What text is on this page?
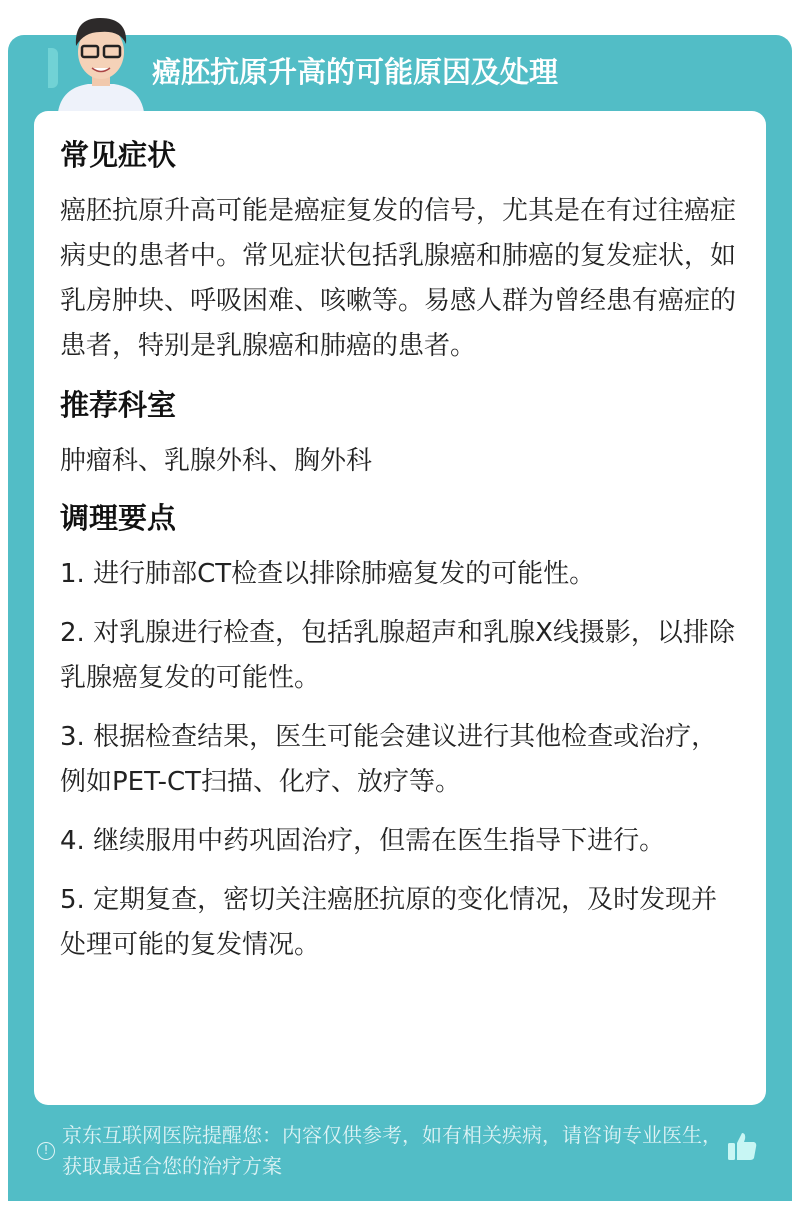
癌胚抗原升高的可能原因及处理
常见症状

癌胚抗原升高可能是癌症复发的信号，尤其是在有过往癌症病史的患者中。常见症状包括乳腺癌和肺癌的复发症状，如乳房肿块、呼吸困难、咳嗽等。易感人群为曾经患有癌症的患者，特别是乳腺癌和肺癌的患者。

推荐科室

肿瘤科、乳腺外科、胸外科

调理要点

1. 进行肺部CT检查以排除肺癌复发的可能性。

2. 对乳腺进行检查，包括乳腺超声和乳腺X线摄影，以排除乳腺癌复发的可能性。

3. 根据检查结果，医生可能会建议进行其他检查或治疗，例如PET-CT扫描、化疗、放疗等。

4. 继续服用中药巩固治疗，但需在医生指导下进行。

5. 定期复查，密切关注癌胚抗原的变化情况，及时发现并处理可能的复发情况。

!
京东互联网医院提醒您：内容仅供参考，如有相关疾病，请咨询专业医生，获取最适合您的治疗方案
